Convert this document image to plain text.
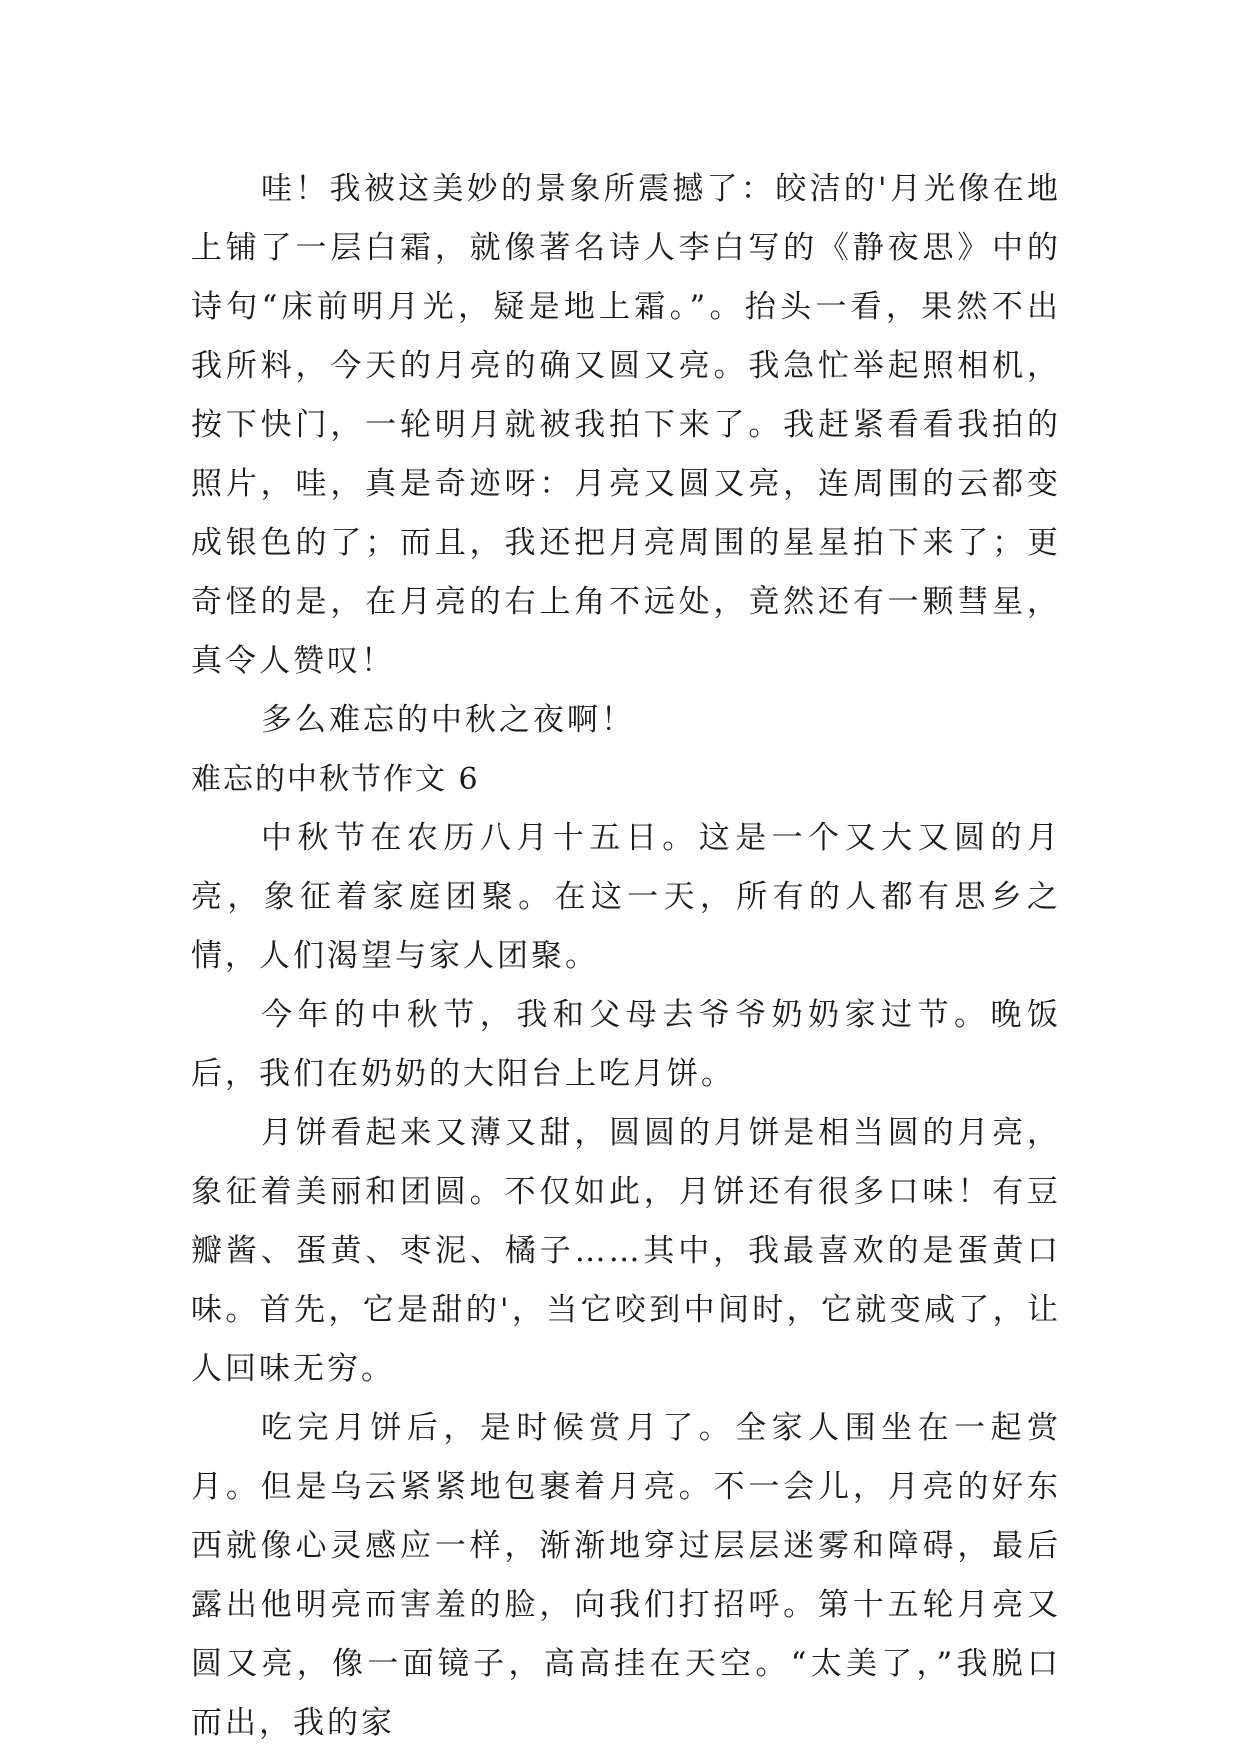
哇！我被这美妙的景象所震撼了：皎洁的'月光像在地上铺了一层白霜，就像著名诗人李白写的《静夜思》中的诗句“床前明月光，疑是地上霜。”。抬头一看，果然不出我所料，今天的月亮的确又圆又亮。我急忙举起照相机，按下快门，一轮明月就被我拍下来了。我赶紧看看我拍的照片，哇，真是奇迹呀：月亮又圆又亮，连周围的云都变成银色的了；而且，我还把月亮周围的星星拍下来了；更奇怪的是，在月亮的右上角不远处，竟然还有一颗彗星，真令人赞叹！

多么难忘的中秋之夜啊！

难忘的中秋节作文 6

中秋节在农历八月十五日。这是一个又大又圆的月亮，象征着家庭团聚。在这一天，所有的人都有思乡之情，人们渴望与家人团聚。

今年的中秋节，我和父母去爷爷奶奶家过节。晚饭后，我们在奶奶的大阳台上吃月饼。

月饼看起来又薄又甜，圆圆的月饼是相当圆的月亮，象征着美丽和团圆。不仅如此，月饼还有很多口味！有豆瓣酱、蛋黄、枣泥、橘子……其中，我最喜欢的是蛋黄口味。首先，它是甜的'，当它咬到中间时，它就变咸了，让人回味无穷。

吃完月饼后，是时候赏月了。全家人围坐在一起赏月。但是乌云紧紧地包裹着月亮。不一会儿，月亮的好东西就像心灵感应一样，渐渐地穿过层层迷雾和障碍，最后露出他明亮而害羞的脸，向我们打招呼。第十五轮月亮又圆又亮，像一面镜子，高高挂在天空。“太美了，”我脱口而出，我的家
